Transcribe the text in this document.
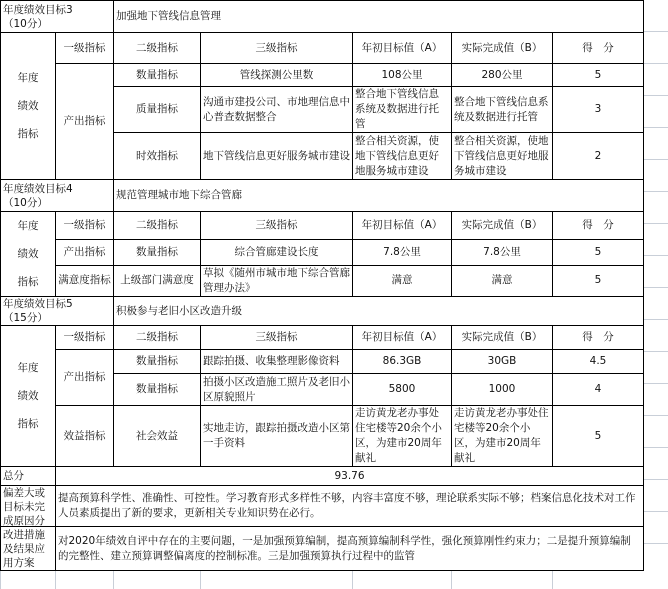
年度绩效目标3
（10分）		加强地下管线信息管理				

年度
绩效
指标	一级指标	二级指标	三级指标	年初目标值（A）	实际完成值（B）	得　分
	产出指标	数量指标	管线探测公里数	108公里	280公里	5
		质量指标	沟通市建投公司、市地理信息中心普查数据整合	整合地下管线信息系统及数据进行托管	整合地下管线信息系统及数据进行托管	3
		时效指标	地下管线信息更好服务城市建设	整合相关资源，使地下管线信息更好地服务城市建设	整合相关资源，使地下管线信息更好地服务城市建设	2

年度绩效目标4
（10分）		规范管理城市地下综合管廊				

年度
绩效
指标	一级指标	二级指标	三级指标	年初目标值（A）	实际完成值（B）	得　分
	产出指标	数量指标	综合管廊建设长度	7.8公里	7.8公里	5
	满意度指标	上级部门满意度	草拟《随州市城市地下综合管廊管理办法》	满意	满意	5

年度绩效目标5
（15分）		积极参与老旧小区改造升级				

年度
绩效
指标	一级指标	二级指标	三级指标	年初目标值（A）	实际完成值（B）	得　分
	产出指标	数量指标	跟踪拍摄、收集整理影像资料	86.3GB	30GB	4.5
		数量指标	拍摄小区改造施工照片及老旧小区原貌照片	5800	1000	4
	效益指标	社会效益	实地走访，跟踪拍摄改造小区第一手资料	走访黄龙老办事处住宅楼等20余个小区，为建市20周年献礼	走访黄龙老办事处住宅楼等20余个小区，为建市20周年献礼	5
总分	93.76					

偏差大或目标未完成原因分	提高预算科学性、准确性、可控性。学习教育形式多样性不够，内容丰富度不够，理论联系实际不够；档案信息化技术对工作人员素质提出了新的要求，更新相关专业知识势在必行。					
改进措施及结果应用方案	对2020年绩效自评中存在的主要问题，一是加强预算编制，提高预算编制科学性，强化预算刚性约束力；二是提升预算编制的完整性、建立预算调整偏离度的控制标准。三是加强预算执行过程中的监管					
